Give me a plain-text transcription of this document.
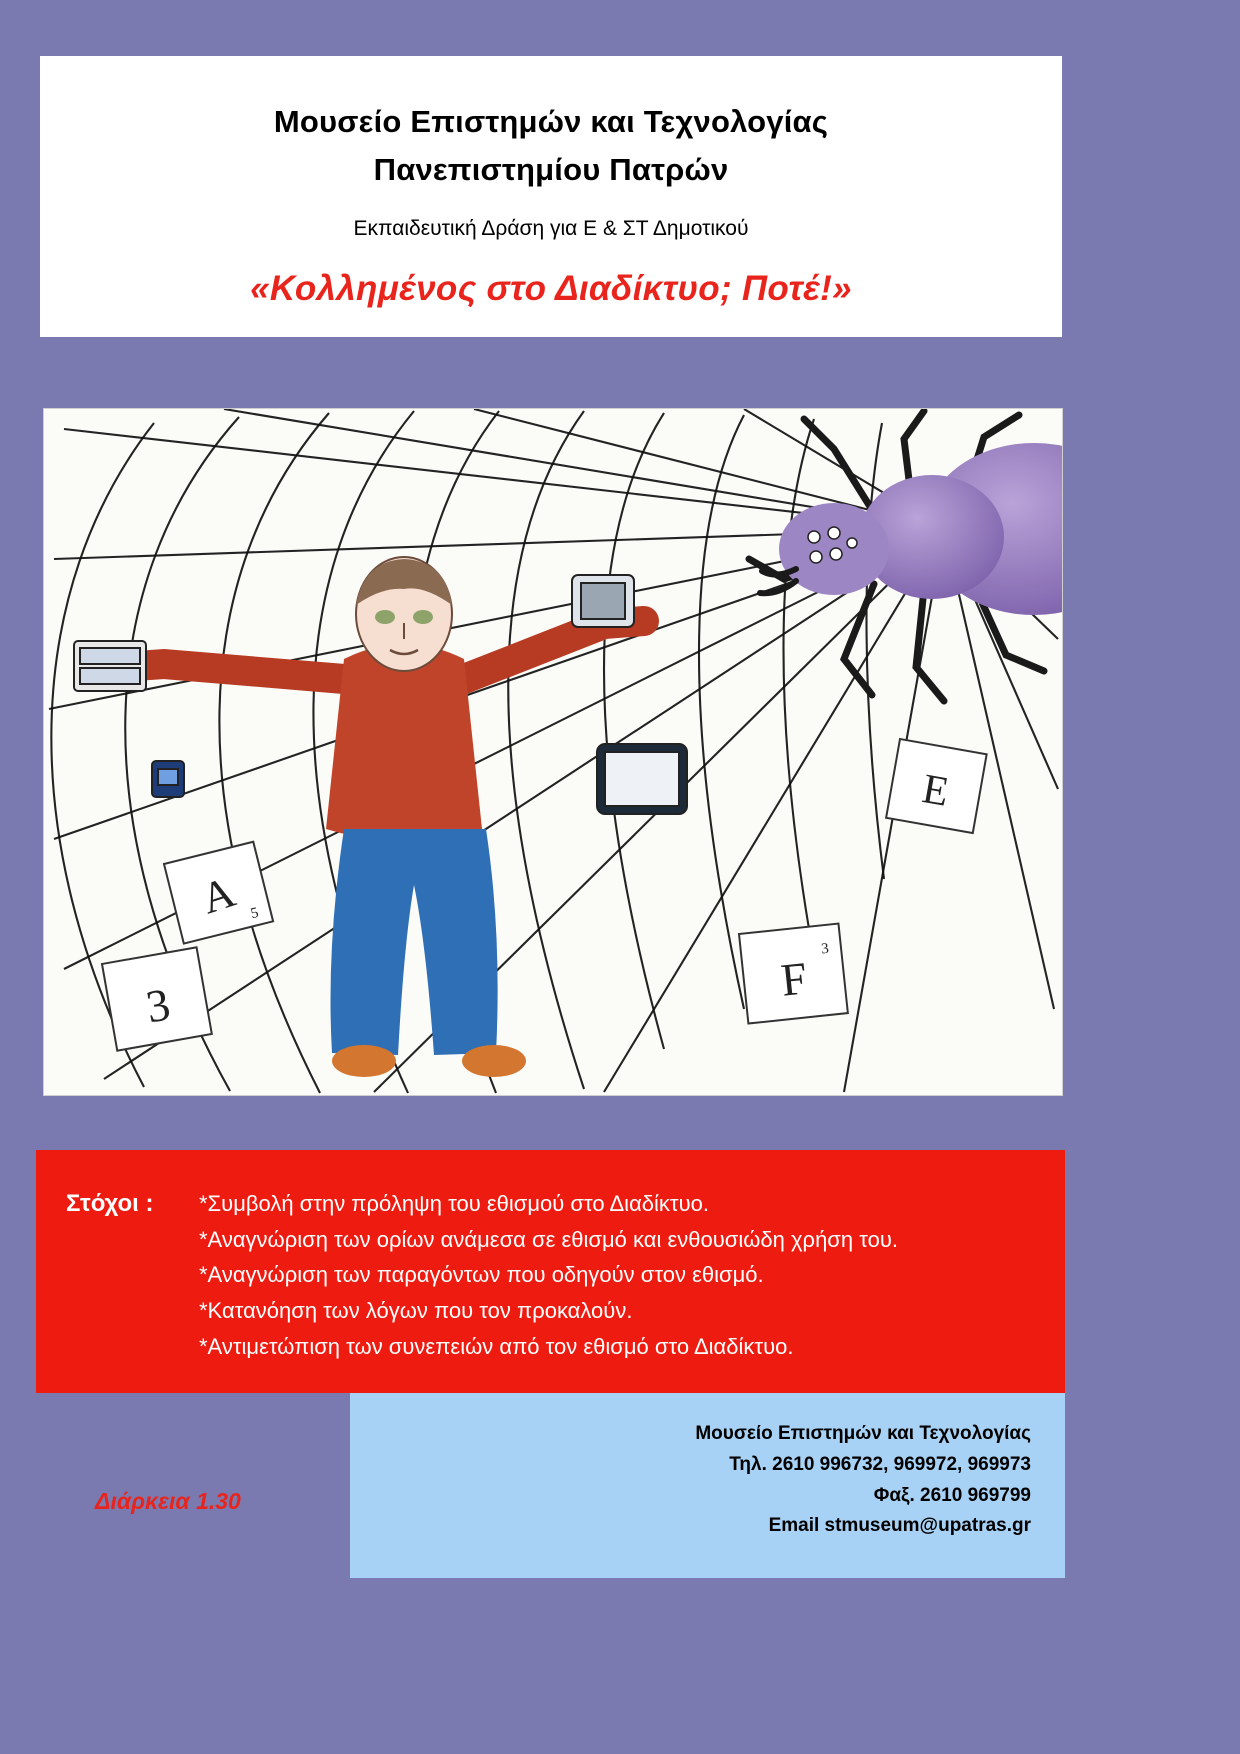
Μουσείο Επιστημών και Τεχνολογίας
Πανεπιστημίου Πατρών
Εκπαιδευτική Δράση για Ε & ΣΤ Δημοτικού
«Κολλημένος στο Διαδίκτυο; Ποτέ!»
A 5
E
F
3
3
Στόχοι : *Συμβολή στην πρόληψη του εθισμού στο Διαδίκτυο.
*Αναγνώριση των ορίων ανάμεσα σε εθισμό και ενθουσιώδη χρήση του.
*Αναγνώριση των παραγόντων που οδηγούν στον εθισμό.
*Κατανόηση των λόγων που τον προκαλούν.
*Αντιμετώπιση των συνεπειών από τον εθισμό στο Διαδίκτυο.
Μουσείο Επιστημών και Τεχνολογίας
Τηλ. 2610 996732, 969972, 969973
Φαξ. 2610 969799
Email stmuseum@upatras.gr
Διάρκεια 1.30
